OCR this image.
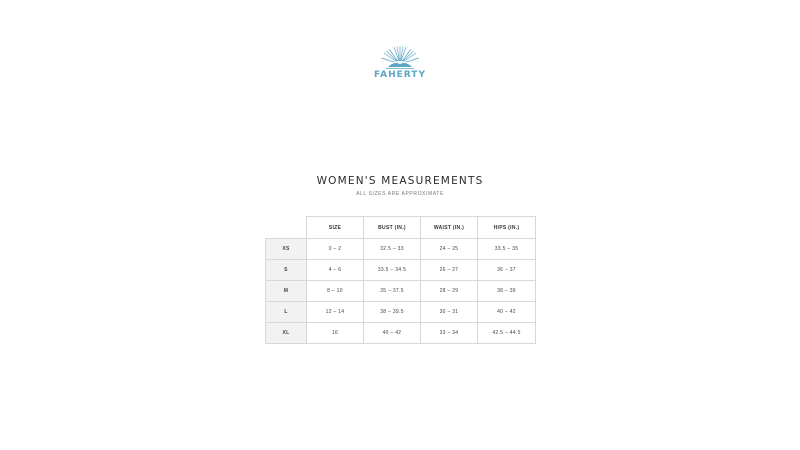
FAHERTY
WOMEN'S MEASUREMENTS
ALL SIZES ARE APPROXIMATE
	SIZE	BUST (IN.)	WAIST (IN.)	HIPS (IN.)
XS	0 – 2	32.5 – 33	24 – 25	33.5 – 35
S	4 – 6	33.5 – 34.5	26 – 27	36 – 37
M	8 – 10	35 – 37.5	28 – 29	38 – 39
L	12 – 14	38 – 39.5	30 – 31	40 – 42
XL	16	40 – 42	33 – 34	42.5 – 44.5
